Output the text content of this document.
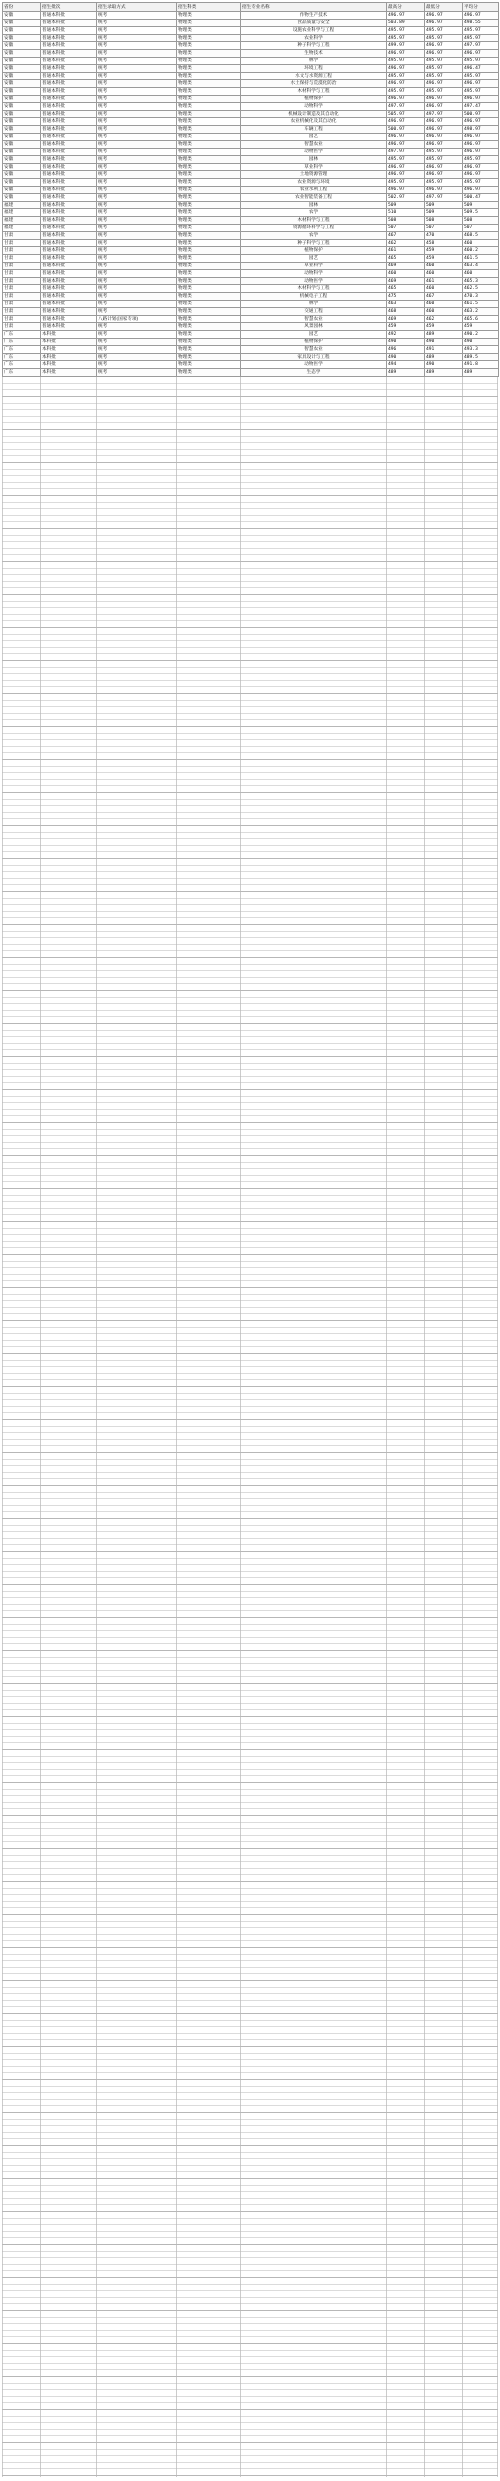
省份	招生批次	招生录取方式	招生科类	招生专业名称	最高分	最低分	平均分
安徽	普通本科批	统考	物理类	作物生产技术	496.97	496.97	496.97
安徽	普通本科批	统考	物理类	食品质量与安全	503.89	496.97	498.55
安徽	普通本科批	统考	物理类	设施农业科学与工程	495.97	495.97	495.97
安徽	普通本科批	统考	物理类	农业科学	495.97	495.97	495.97
安徽	普通本科批	统考	物理类	种子科学与工程	499.97	496.97	497.97
安徽	普通本科批	统考	物理类	生物技术	496.97	496.97	496.97
安徽	普通本科批	统考	物理类	林学	495.97	495.97	495.97
安徽	普通本科批	统考	物理类	环境工程	496.97	495.97	496.47
安徽	普通本科批	统考	物理类	水文与水资源工程	495.97	495.97	495.97
安徽	普通本科批	统考	物理类	水土保持与荒漠化防治	496.97	496.97	496.97
安徽	普通本科批	统考	物理类	木材科学与工程	495.97	495.97	495.97
安徽	普通本科批	统考	物理类	植物保护	496.97	496.97	496.97
安徽	普通本科批	统考	物理类	动物科学	497.97	496.97	497.47
安徽	普通本科批	统考	物理类	机械设计制造及其自动化	505.97	497.97	500.97
安徽	普通本科批	统考	物理类	农业机械化及其自动化	496.97	496.97	496.97
安徽	普通本科批	统考	物理类	车辆工程	500.97	496.97	498.97
安徽	普通本科批	统考	物理类	园艺	496.97	496.97	496.97
安徽	普通本科批	统考	物理类	智慧农业	496.97	496.97	496.97
安徽	普通本科批	统考	物理类	动物医学	497.97	495.97	496.97
安徽	普通本科批	统考	物理类	园林	495.97	495.97	495.97
安徽	普通本科批	统考	物理类	草业科学	496.97	496.97	496.97
安徽	普通本科批	统考	物理类	土地资源管理	496.97	496.97	496.97
安徽	普通本科批	统考	物理类	农业资源与环境	495.97	495.97	495.97
安徽	普通本科批	统考	物理类	农业水利工程	496.97	496.97	496.97
安徽	普通本科批	统考	物理类	农业智能装备工程	502.97	497.97	500.47
福建	普通本科批	统考	物理类	园林	509	509	509
福建	普通本科批	统考	物理类	农学	510	509	509.5
福建	普通本科批	统考	物理类	木材科学与工程	508	508	508
福建	普通本科批	统考	物理类	资源循环科学与工程	507	507	507
甘肃	普通本科批	统考	物理类	农学	467	470	468.5
甘肃	普通本科批	统考	物理类	种子科学与工程	462	458	460
甘肃	普通本科批	统考	物理类	植物保护	461	459	460.2
甘肃	普通本科批	统考	物理类	园艺	465	459	461.5
甘肃	普通本科批	统考	物理类	草业科学	469	460	463.4
甘肃	普通本科批	统考	物理类	动物科学	460	460	460
甘肃	普通本科批	统考	物理类	动物医学	469	461	465.3
甘肃	普通本科批	统考	物理类	木材科学与工程	465	460	462.5
甘肃	普通本科批	统考	物理类	机械电子工程	475	467	470.3
甘肃	普通本科批	统考	物理类	林学	463	460	461.5
甘肃	普通本科批	统考	物理类	交通工程	468	460	463.2
甘肃	普通本科批	八路计划(国家专项)	物理类	智慧农业	469	462	465.6
甘肃	普通本科批	统考	物理类	风景园林	459	459	459
广东	本科批	统考	物理类	园艺	492	489	490.2
广东	本科批	统考	物理类	植物保护	490	490	490
广东	本科批	统考	物理类	智慧农业	496	491	493.3
广东	本科批	统考	物理类	家具设计与工程	490	489	489.5
广东	本科批	统考	物理类	动物医学	494	490	491.8
广东	本科批	统考	物理类	生态学	489	489	489
